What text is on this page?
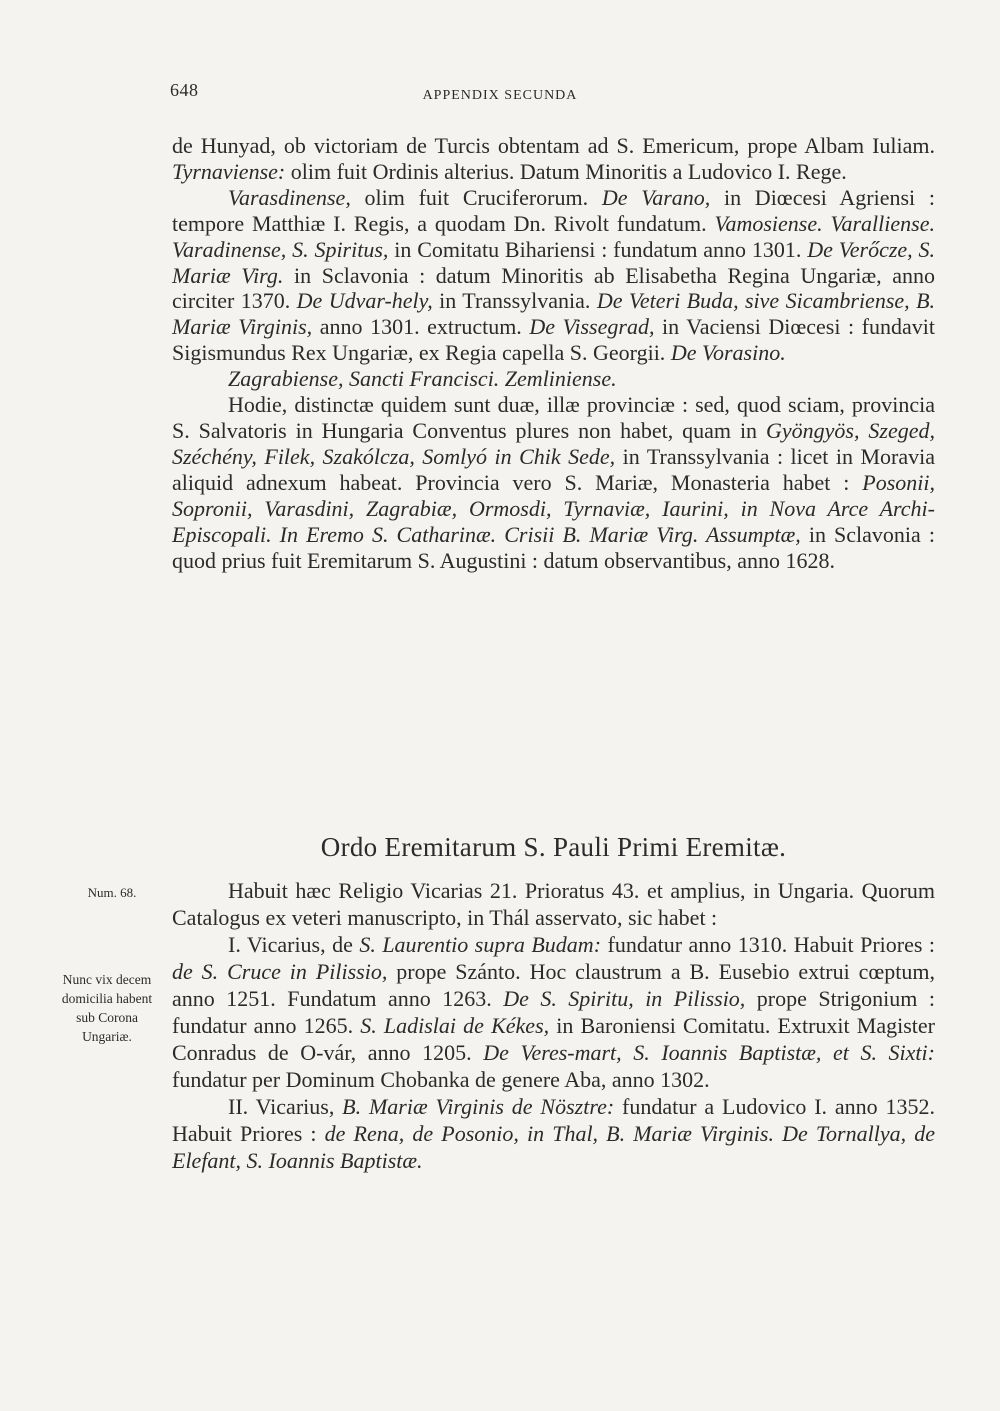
648	APPENDIX SECUNDA

de Hunyad, ob victoriam de Turcis obtentam ad S. Emericum, prope Albam Iuliam. Tyrnaviense: olim fuit Ordinis alterius. Datum Minoritis a Ludovico I. Rege.

Varasdinense, olim fuit Cruciferorum. De Varano, in Diœcesi Agriensi : tempore Matthiæ I. Regis, a quodam Dn. Rivolt fundatum. Vamosiense. Varalliense. Varadinense, S. Spiritus, in Comitatu Bihariensi : fundatum anno 1301. De Verőcze, S. Mariæ Virg. in Sclavonia : datum Minoritis ab Elisabetha Regina Ungariæ, anno circiter 1370. De Udvar-hely, in Transsylvania. De Veteri Buda, sive Sicambriense, B. Mariæ Virginis, anno 1301. extructum. De Vissegrad, in Vaciensi Diœcesi : fundavit Sigismundus Rex Ungariæ, ex Regia capella S. Georgii. De Vorasino.

Zagrabiense, Sancti Francisci. Zemliniense.

Hodie, distinctæ quidem sunt duæ, illæ provinciæ : sed, quod sciam, provincia S. Salvatoris in Hungaria Conventus plures non habet, quam in Gyöngyös, Szeged, Széchény, Filek, Szakólcza, Somlyó in Chik Sede, in Transsylvania : licet in Moravia aliquid adnexum habeat. Provincia vero S. Mariæ, Monasteria habet : Posonii, Sopronii, Varasdini, Zagrabiæ, Ormosdi, Tyrnaviæ, Iaurini, in Nova Arce Archi-Episcopali. In Eremo S. Catharinæ. Crisii B. Mariæ Virg. Assumptæ, in Sclavonia : quod prius fuit Eremitarum S. Augustini : datum observantibus, anno 1628.

Ordo Eremitarum S. Pauli Primi Eremitæ.
Num. 68.
Nunc vix decem domicilia habent sub Corona Ungariæ.

Habuit hæc Religio Vicarias 21. Prioratus 43. et amplius, in Ungaria. Quorum Catalogus ex veteri manuscripto, in Thál asservato, sic habet :

I. Vicarius, de S. Laurentio supra Budam: fundatur anno 1310. Habuit Priores : de S. Cruce in Pilissio, prope Szánto. Hoc claustrum a B. Eusebio extrui cœptum, anno 1251. Fundatum anno 1263. De S. Spiritu, in Pilissio, prope Strigonium : fundatur anno 1265. S. Ladislai de Kékes, in Baroniensi Comitatu. Extruxit Magister Conradus de O-vár, anno 1205. De Veres-mart, S. Ioannis Baptistæ, et S. Sixti: fundatur per Dominum Chobanka de genere Aba, anno 1302.

II. Vicarius, B. Mariæ Virginis de Nösztre: fundatur a Ludovico I. anno 1352. Habuit Priores : de Rena, de Posonio, in Thal, B. Mariæ Virginis. De Tornallya, de Elefant, S. Ioannis Baptistæ.
